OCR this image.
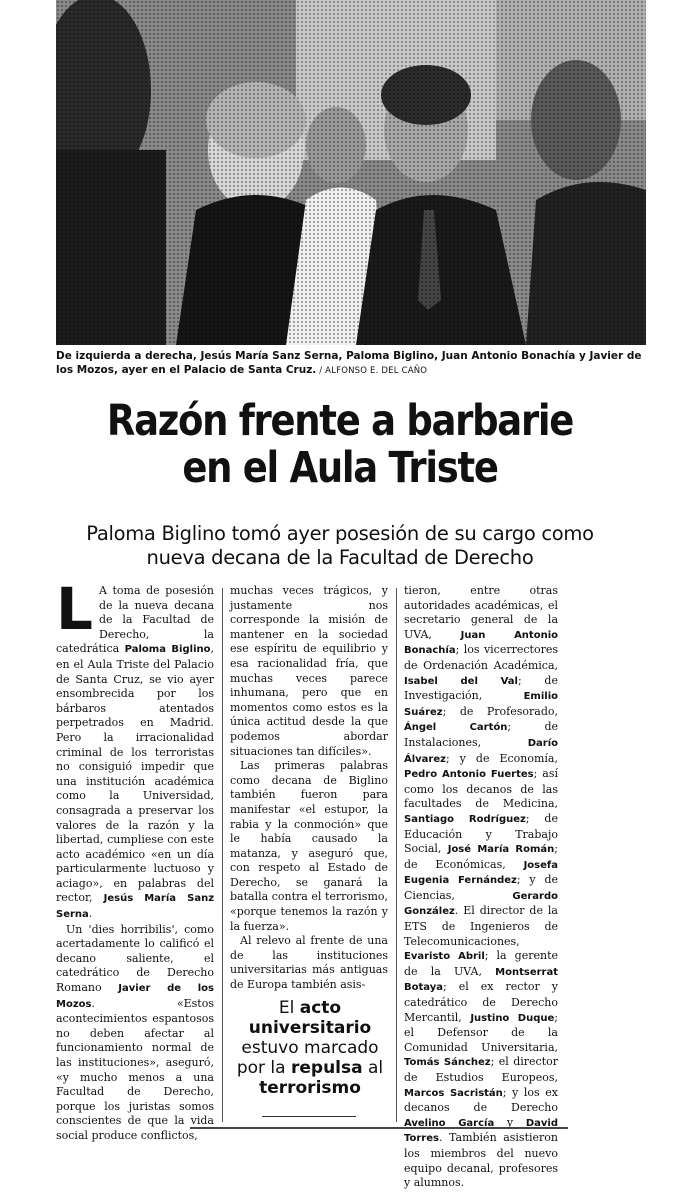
De izquierda a derecha, Jesús María Sanz Serna, Paloma Biglino, Juan Antonio Bonachía y Javier de los Mozos, ayer en el Palacio de Santa Cruz. / ALFONSO E. DEL CAÑO
Razón frente a barbarie
en el Aula Triste
Paloma Biglino tomó ayer posesión de su cargo como
nueva decana de la Facultad de Derecho

L A toma de posesión de la nueva decana de la Facultad de Derecho, la catedrática Paloma Biglino, en el Aula Triste del Palacio de Santa Cruz, se vio ayer ensombrecida por los bárbaros atentados perpetrados en Madrid. Pero la irracionalidad criminal de los terroristas no consiguió impedir que una institución académica como la Universidad, consagrada a preservar los valores de la razón y la libertad, cumpliese con este acto académico «en un día particularmente luctuoso y aciago», en palabras del rector, Jesús María Sanz Serna.

Un 'dies horribilis', como acertadamente lo calificó el decano saliente, el catedrático de Derecho Romano Javier de los Mozos. «Estos acontecimientos espantosos no deben afectar al funcionamiento normal de las instituciones», aseguró, «y mucho menos a una Facultad de Derecho, porque los juristas somos conscientes de que la vida social produce conflictos,

muchas veces trágicos, y justamente nos corresponde la misión de mantener en la sociedad ese espíritu de equilibrio y esa racionalidad fría, que muchas veces parece inhumana, pero que en momentos como estos es la única actitud desde la que podemos abordar situaciones tan difíciles».

Las primeras palabras como decana de Biglino también fueron para manifestar «el estupor, la rabia y la conmoción» que le había causado la matanza, y aseguró que, con respeto al Estado de Derecho, se ganará la batalla contra el terrorismo, «porque tenemos la razón y la fuerza».

Al relevo al frente de una de las instituciones universitarias más antiguas de Europa también asis-

tieron, entre otras autoridades académicas, el secretario general de la UVA, Juan Antonio Bonachía; los vicerrectores de Ordenación Académica, Isabel del Val; de Investigación, Emilio Suárez; de Profesorado, Ángel Cartón; de Instalaciones, Darío Álvarez; y de Economía, Pedro Antonio Fuertes; así como los decanos de las facultades de Medicina, Santiago Rodríguez; de Educación y Trabajo Social, José María Román; de Económicas, Josefa Eugenia Fernández; y de Ciencias, Gerardo González. El director de la ETS de Ingenieros de Telecomunicaciones, Evaristo Abril; la gerente de la UVA, Montserrat Botaya; el ex rector y catedrático de Derecho Mercantil, Justino Duque; el Defensor de la Comunidad Universitaria, Tomás Sánchez; el director de Estudios Europeos, Marcos Sacristán; y los ex decanos de Derecho Avelino García y David Torres. También asistieron los miembros del nuevo equipo decanal, profesores y alumnos.

El acto
universitario
estuvo marcado
por la repulsa al
terrorismo
